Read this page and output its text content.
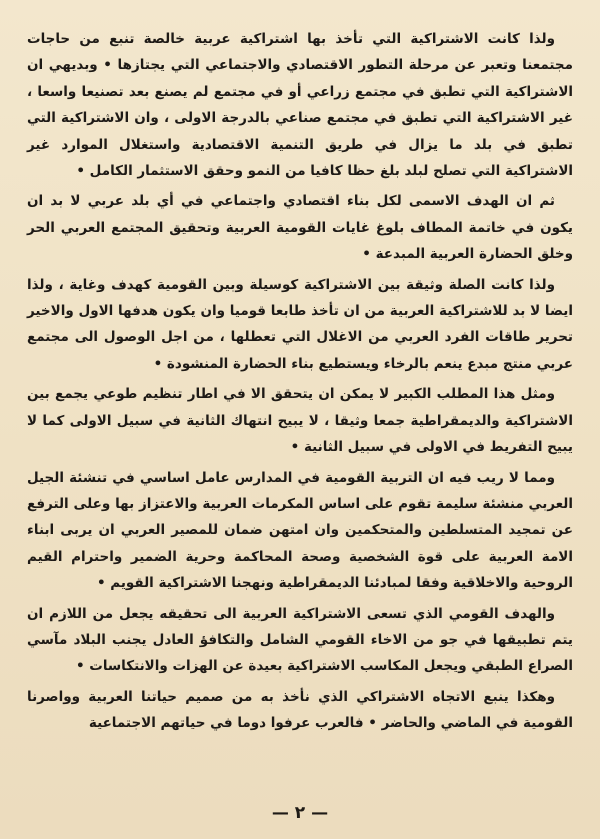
ولذا كانت الاشتراكية التي تأخذ بها اشتراكية عربية خالصة تنبع من حاجات مجتمعنا وتعبر عن مرحلة التطور الاقتصادي والاجتماعي التي يجتازها • وبديهي ان الاشتراكية التي تطبق في مجتمع زراعي أو في مجتمع لم يصنع بعد تصنيعا واسعا ، غير الاشتراكية التي تطبق في مجتمع صناعي بالدرجة الاولى ، وان الاشتراكية التي تطبق في بلد ما يزال في طريق التنمية الاقتصادية واستغلال الموارد غير الاشتراكية التي تصلح لبلد بلغ حظا كافيا من النمو وحقق الاستثمار الكامل •

ثم ان الهدف الاسمى لكل بناء اقتصادي واجتماعي في أي بلد عربي لا بد ان يكون في خاتمة المطاف بلوغ غايات القومية العربية وتحقيق المجتمع العربي الحر وخلق الحضارة العربية المبدعة •

ولذا كانت الصلة وثيقة بين الاشتراكية كوسيلة وبين القومية كهدف وغاية ، ولذا ايضا لا بد للاشتراكية العربية من ان تأخذ طابعا قوميا وان يكون هدفها الاول والاخير تحرير طاقات الفرد العربي من الاغلال التي تعطلها ، من اجل الوصول الى مجتمع عربي منتج مبدع ينعم بالرخاء ويستطيع بناء الحضارة المنشودة •

ومثل هذا المطلب الكبير لا يمكن ان يتحقق الا في اطار تنظيم طوعي يجمع بين الاشتراكية والديمقراطية جمعا وثيقا ، لا يبيح انتهاك الثانية في سبيل الاولى كما لا يبيح التفريط في الاولى في سبيل الثانية •

ومما لا ريب فيه ان التربية القومية في المدارس عامل اساسي في تنشئة الجيل العربي منشئة سليمة تقوم على اساس المكرمات العربية والاعتزاز بها وعلى الترفع عن تمجيد المتسلطين والمتحكمين وان امتهن ضمان للمصير العربي ان يربى ابناء الامة العربية على قوة الشخصية وصحة المحاكمة وحرية الضمير واحترام القيم الروحية والاخلاقية وفقا لمبادئنا الديمقراطية ونهجنا الاشتراكية القويم •

والهدف القومي الذي تسعى الاشتراكية العربية الى تحقيقه يجعل من اللازم ان يتم تطبيقها في جو من الاخاء القومي الشامل والتكافؤ العادل يجنب البلاد مآسي الصراع الطبقي ويجعل المكاسب الاشتراكية بعيدة عن الهزات والانتكاسات •

وهكذا ينبع الاتجاه الاشتراكي الذي نأخذ به من صميم حياتنا العربية وواصرنا القومية في الماضي والحاضر • فالعرب عرفوا دوما في حياتهم الاجتماعية

— ٢ —
